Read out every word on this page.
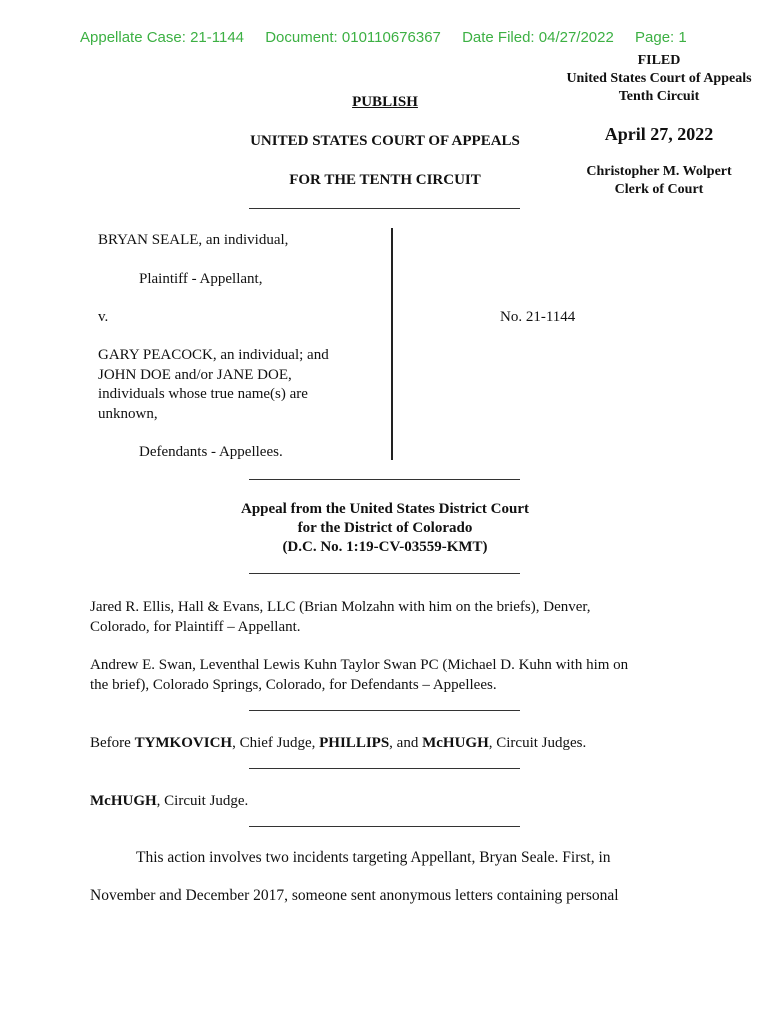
Appellate Case: 21-1144 Document: 010110676367 Date Filed: 04/27/2022 Page: 1
FILED
United States Court of Appeals
Tenth Circuit
April 27, 2022
Christopher M. Wolpert
Clerk of Court
PUBLISH
UNITED STATES COURT OF APPEALS
FOR THE TENTH CIRCUIT
BRYAN SEALE, an individual,
Plaintiff - Appellant,
v.
GARY PEACOCK, an individual; and
JOHN DOE and/or JANE DOE,
individuals whose true name(s) are
unknown,
Defendants - Appellees.
No. 21-1144
Appeal from the United States District Court
for the District of Colorado
(D.C. No. 1:19-CV-03559-KMT)
Jared R. Ellis, Hall & Evans, LLC (Brian Molzahn with him on the briefs), Denver,
Colorado, for Plaintiff – Appellant.
Andrew E. Swan, Leventhal Lewis Kuhn Taylor Swan PC (Michael D. Kuhn with him on
the brief), Colorado Springs, Colorado, for Defendants – Appellees.
Before TYMKOVICH, Chief Judge, PHILLIPS, and McHUGH, Circuit Judges.
McHUGH, Circuit Judge.
This action involves two incidents targeting Appellant, Bryan Seale. First, in
November and December 2017, someone sent anonymous letters containing personal
